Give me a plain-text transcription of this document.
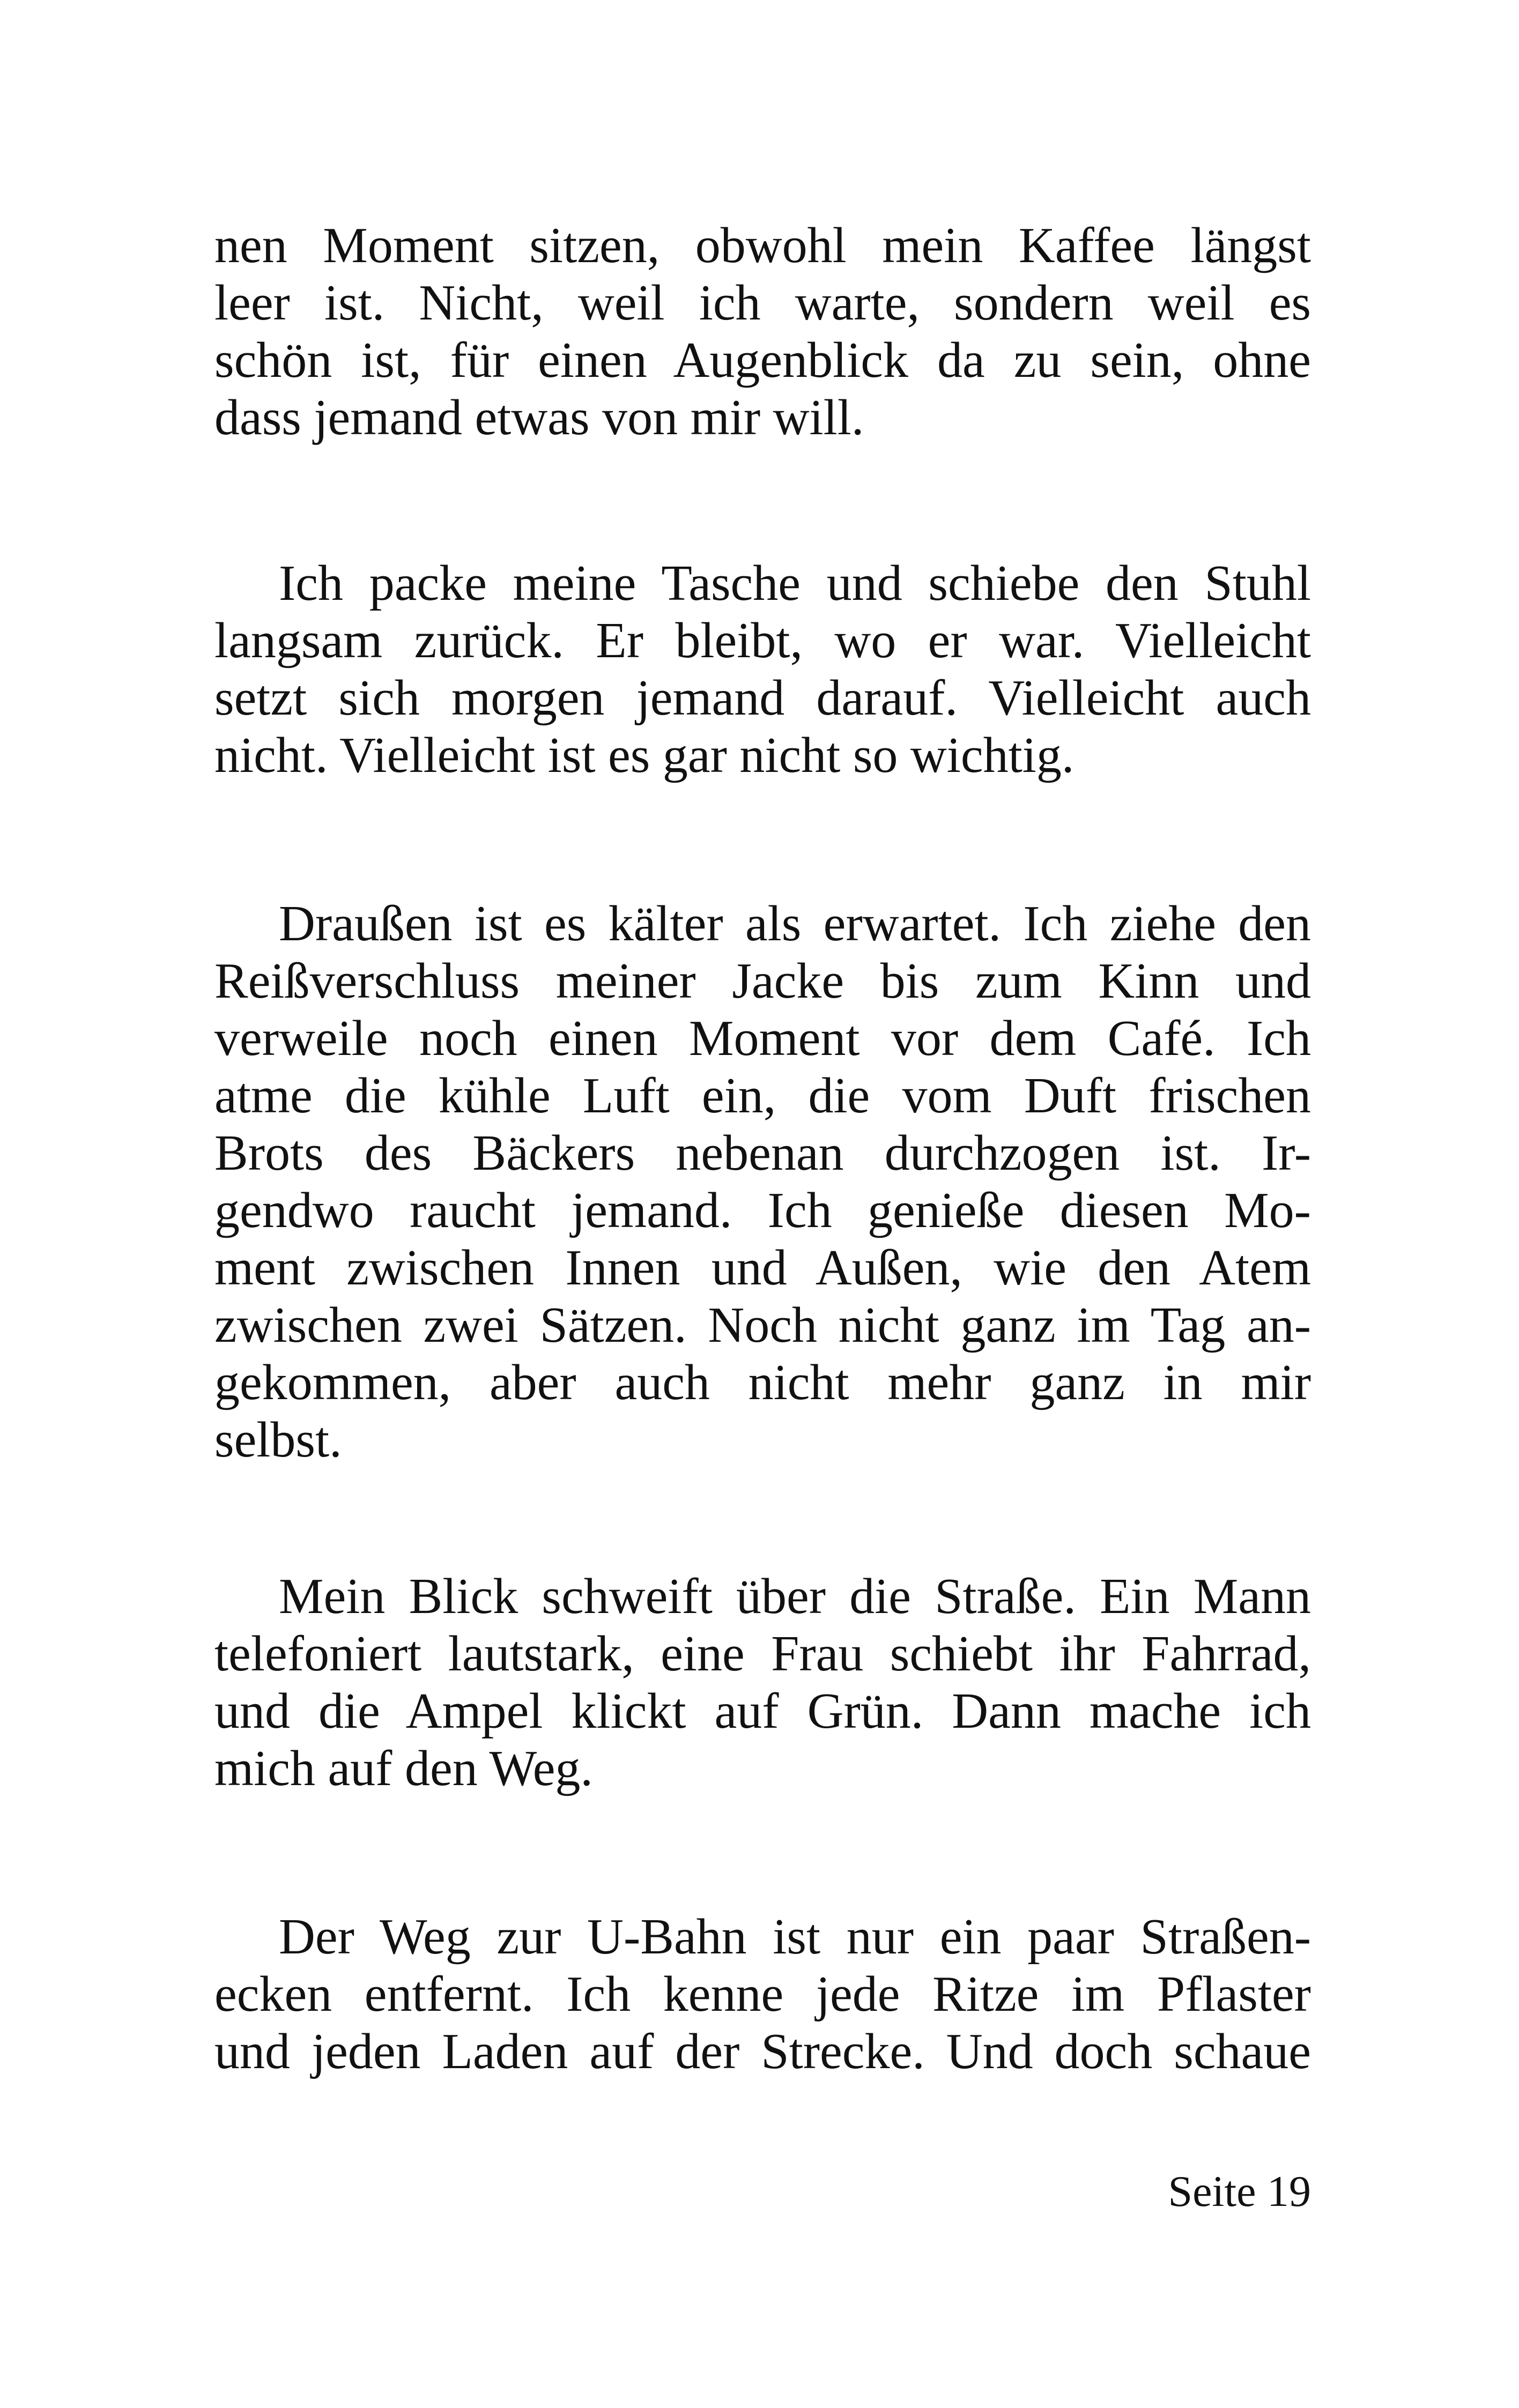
nen Moment sitzen, obwohl mein Kaffee längst
leer ist. Nicht, weil ich warte, sondern weil es
schön ist, für einen Augenblick da zu sein, ohne
dass jemand etwas von mir will.
Ich packe meine Tasche und schiebe den Stuhl
langsam zurück. Er bleibt, wo er war. Vielleicht
setzt sich morgen jemand darauf. Vielleicht auch
nicht. Vielleicht ist es gar nicht so wichtig.
Draußen ist es kälter als erwartet. Ich ziehe den
Reißverschluss meiner Jacke bis zum Kinn und
verweile noch einen Moment vor dem Café. Ich
atme die kühle Luft ein, die vom Duft frischen
Brots des Bäckers nebenan durchzogen ist. Ir-
gendwo raucht jemand. Ich genieße diesen Mo-
ment zwischen Innen und Außen, wie den Atem
zwischen zwei Sätzen. Noch nicht ganz im Tag an-
gekommen, aber auch nicht mehr ganz in mir
selbst.
Mein Blick schweift über die Straße. Ein Mann
telefoniert lautstark, eine Frau schiebt ihr Fahrrad,
und die Ampel klickt auf Grün. Dann mache ich
mich auf den Weg.
Der Weg zur U-Bahn ist nur ein paar Straßen-
ecken entfernt. Ich kenne jede Ritze im Pflaster
und jeden Laden auf der Strecke. Und doch schaue
Seite 19
